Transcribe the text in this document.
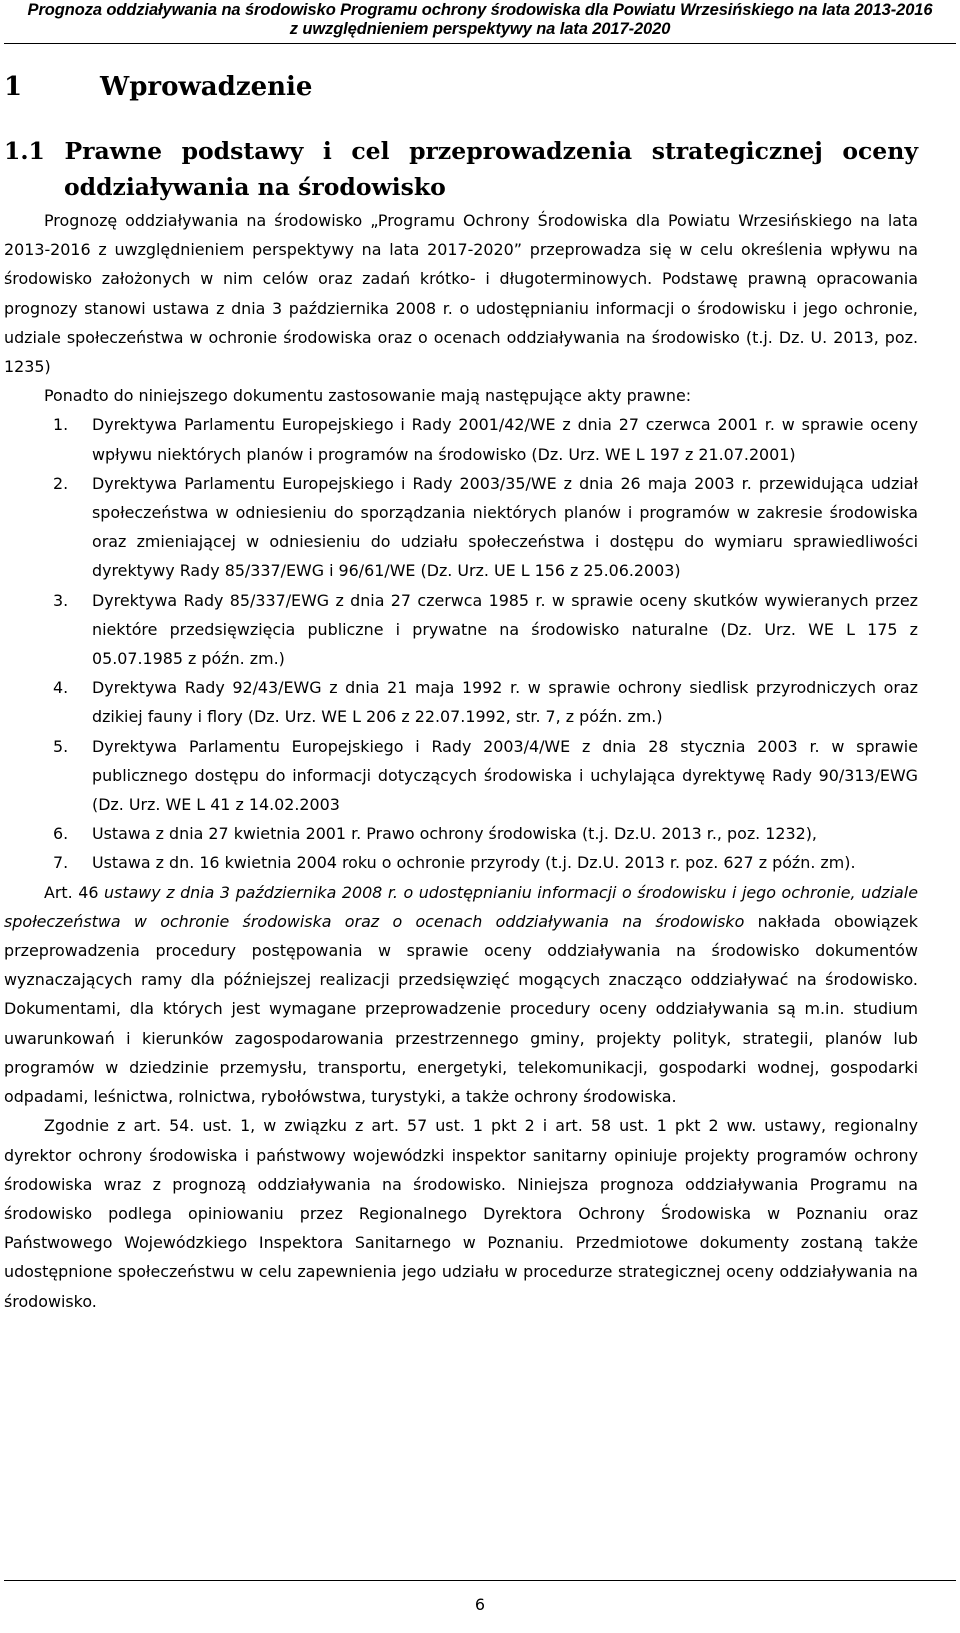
Prognoza oddziaływania na środowisko Programu ochrony środowiska dla Powiatu Wrzesińskiego na lata 2013-2016
z uwzględnieniem perspektywy na lata 2017-2020
1	Wprowadzenie
1.1 Prawne podstawy i cel przeprowadzenia strategicznej oceny
oddziaływania na środowisko

Prognozę oddziaływania na środowisko „Programu Ochrony Środowiska dla Powiatu Wrzesińskiego na lata 2013-2016 z uwzględnieniem perspektywy na lata 2017-2020” przeprowadza się w celu określenia wpływu na środowisko założonych w nim celów oraz zadań krótko- i długoterminowych. Podstawę prawną opracowania prognozy stanowi ustawa z dnia 3 października 2008 r. o udostępnianiu informacji o środowisku i jego ochronie, udziale społeczeństwa w ochronie środowiska oraz o ocenach oddziaływania na środowisko (t.j. Dz. U. 2013, poz. 1235)

Ponadto do niniejszego dokumentu zastosowanie mają następujące akty prawne:

1. Dyrektywa Parlamentu Europejskiego i Rady 2001/42/WE z dnia 27 czerwca 2001 r. w sprawie oceny wpływu niektórych planów i programów na środowisko (Dz. Urz. WE L 197 z 21.07.2001)
2. Dyrektywa Parlamentu Europejskiego i Rady 2003/35/WE z dnia 26 maja 2003 r. przewidująca udział społeczeństwa w odniesieniu do sporządzania niektórych planów i programów w zakresie środowiska oraz zmieniającej w odniesieniu do udziału społeczeństwa i dostępu do wymiaru sprawiedliwości dyrektywy Rady 85/337/EWG i 96/61/WE (Dz. Urz. UE L 156 z 25.06.2003)
3. Dyrektywa Rady 85/337/EWG z dnia 27 czerwca 1985 r. w sprawie oceny skutków wywieranych przez niektóre przedsięwzięcia publiczne i prywatne na środowisko naturalne (Dz. Urz. WE L 175 z 05.07.1985 z późn. zm.)
4. Dyrektywa Rady 92/43/EWG z dnia 21 maja 1992 r. w sprawie ochrony siedlisk przyrodniczych oraz dzikiej fauny i flory (Dz. Urz. WE L 206 z 22.07.1992, str. 7, z późn. zm.)
5. Dyrektywa Parlamentu Europejskiego i Rady 2003/4/WE z dnia 28 stycznia 2003 r. w sprawie publicznego dostępu do informacji dotyczących środowiska i uchylająca dyrektywę Rady 90/313/EWG (Dz. Urz. WE L 41 z 14.02.2003
6. Ustawa z dnia 27 kwietnia 2001 r. Prawo ochrony środowiska (t.j. Dz.U. 2013 r., poz. 1232),
7. Ustawa z dn. 16 kwietnia 2004 roku o ochronie przyrody (t.j. Dz.U. 2013 r. poz. 627 z późn. zm).

Art. 46 ustawy z dnia 3 października 2008 r. o udostępnianiu informacji o środowisku i jego ochronie, udziale społeczeństwa w ochronie środowiska oraz o ocenach oddziaływania na środowisko nakłada obowiązek przeprowadzenia procedury postępowania w sprawie oceny oddziaływania na środowisko dokumentów wyznaczających ramy dla późniejszej realizacji przedsięwzięć mogących znacząco oddziaływać na środowisko. Dokumentami, dla których jest wymagane przeprowadzenie procedury oceny oddziaływania są m.in. studium uwarunkowań i kierunków zagospodarowania przestrzennego gminy, projekty polityk, strategii, planów lub programów w dziedzinie przemysłu, transportu, energetyki, telekomunikacji, gospodarki wodnej, gospodarki odpadami, leśnictwa, rolnictwa, rybołówstwa, turystyki, a także ochrony środowiska.

Zgodnie z art. 54. ust. 1, w związku z art. 57 ust. 1 pkt 2 i art. 58 ust. 1 pkt 2 ww. ustawy, regionalny dyrektor ochrony środowiska i państwowy wojewódzki inspektor sanitarny opiniuje projekty programów ochrony środowiska wraz z prognozą oddziaływania na środowisko. Niniejsza prognoza oddziaływania Programu na środowisko podlega opiniowaniu przez Regionalnego Dyrektora Ochrony Środowiska w Poznaniu oraz Państwowego Wojewódzkiego Inspektora Sanitarnego w Poznaniu. Przedmiotowe dokumenty zostaną także udostępnione społeczeństwu w celu zapewnienia jego udziału w procedurze strategicznej oceny oddziaływania na środowisko.

6
